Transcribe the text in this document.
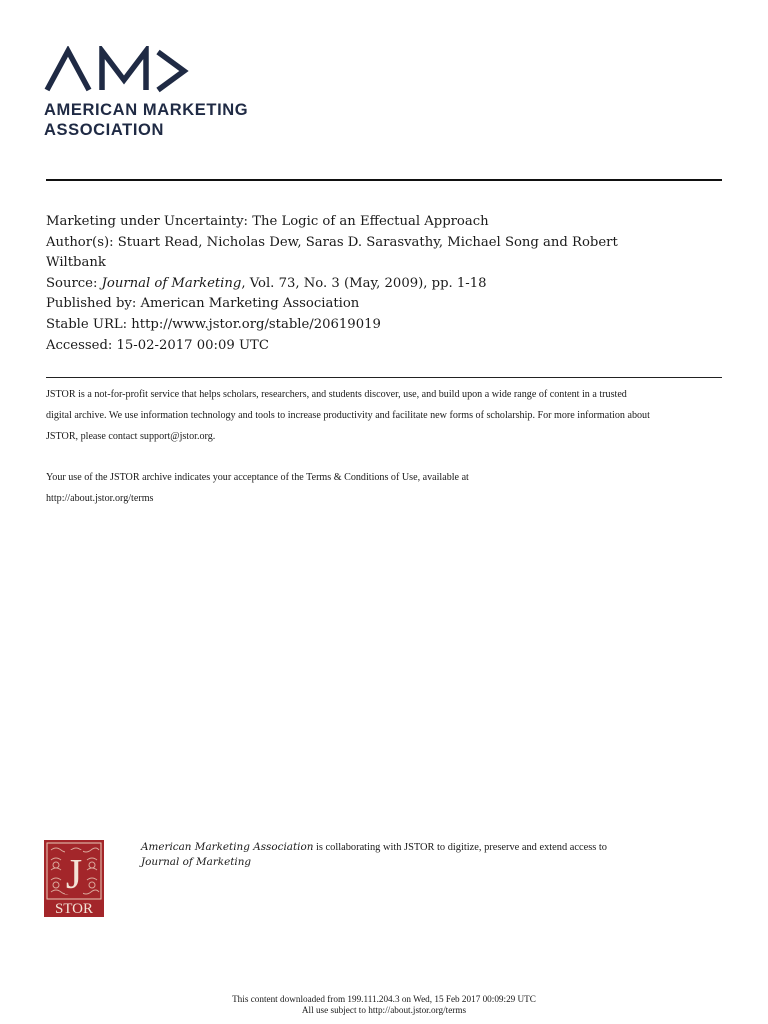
AMERICAN MARKETING
ASSOCIATION
Marketing under Uncertainty: The Logic of an Effectual Approach
Author(s): Stuart Read, Nicholas Dew, Saras D. Sarasvathy, Michael Song and Robert
Wiltbank
Source: Journal of Marketing, Vol. 73, No. 3 (May, 2009), pp. 1-18
Published by: American Marketing Association
Stable URL: http://www.jstor.org/stable/20619019
Accessed: 15-02-2017 00:09 UTC

JSTOR is a not-for-profit service that helps scholars, researchers, and students discover, use, and build upon a wide range of content in a trusted

digital archive. We use information technology and tools to increase productivity and facilitate new forms of scholarship. For more information about

JSTOR, please contact support@jstor.org.

Your use of the JSTOR archive indicates your acceptance of the Terms & Conditions of Use, available at

http://about.jstor.org/terms

J
STOR
American Marketing Association is collaborating with JSTOR to digitize, preserve and extend access to
Journal of Marketing
This content downloaded from 199.111.204.3 on Wed, 15 Feb 2017 00:09:29 UTC
All use subject to http://about.jstor.org/terms
